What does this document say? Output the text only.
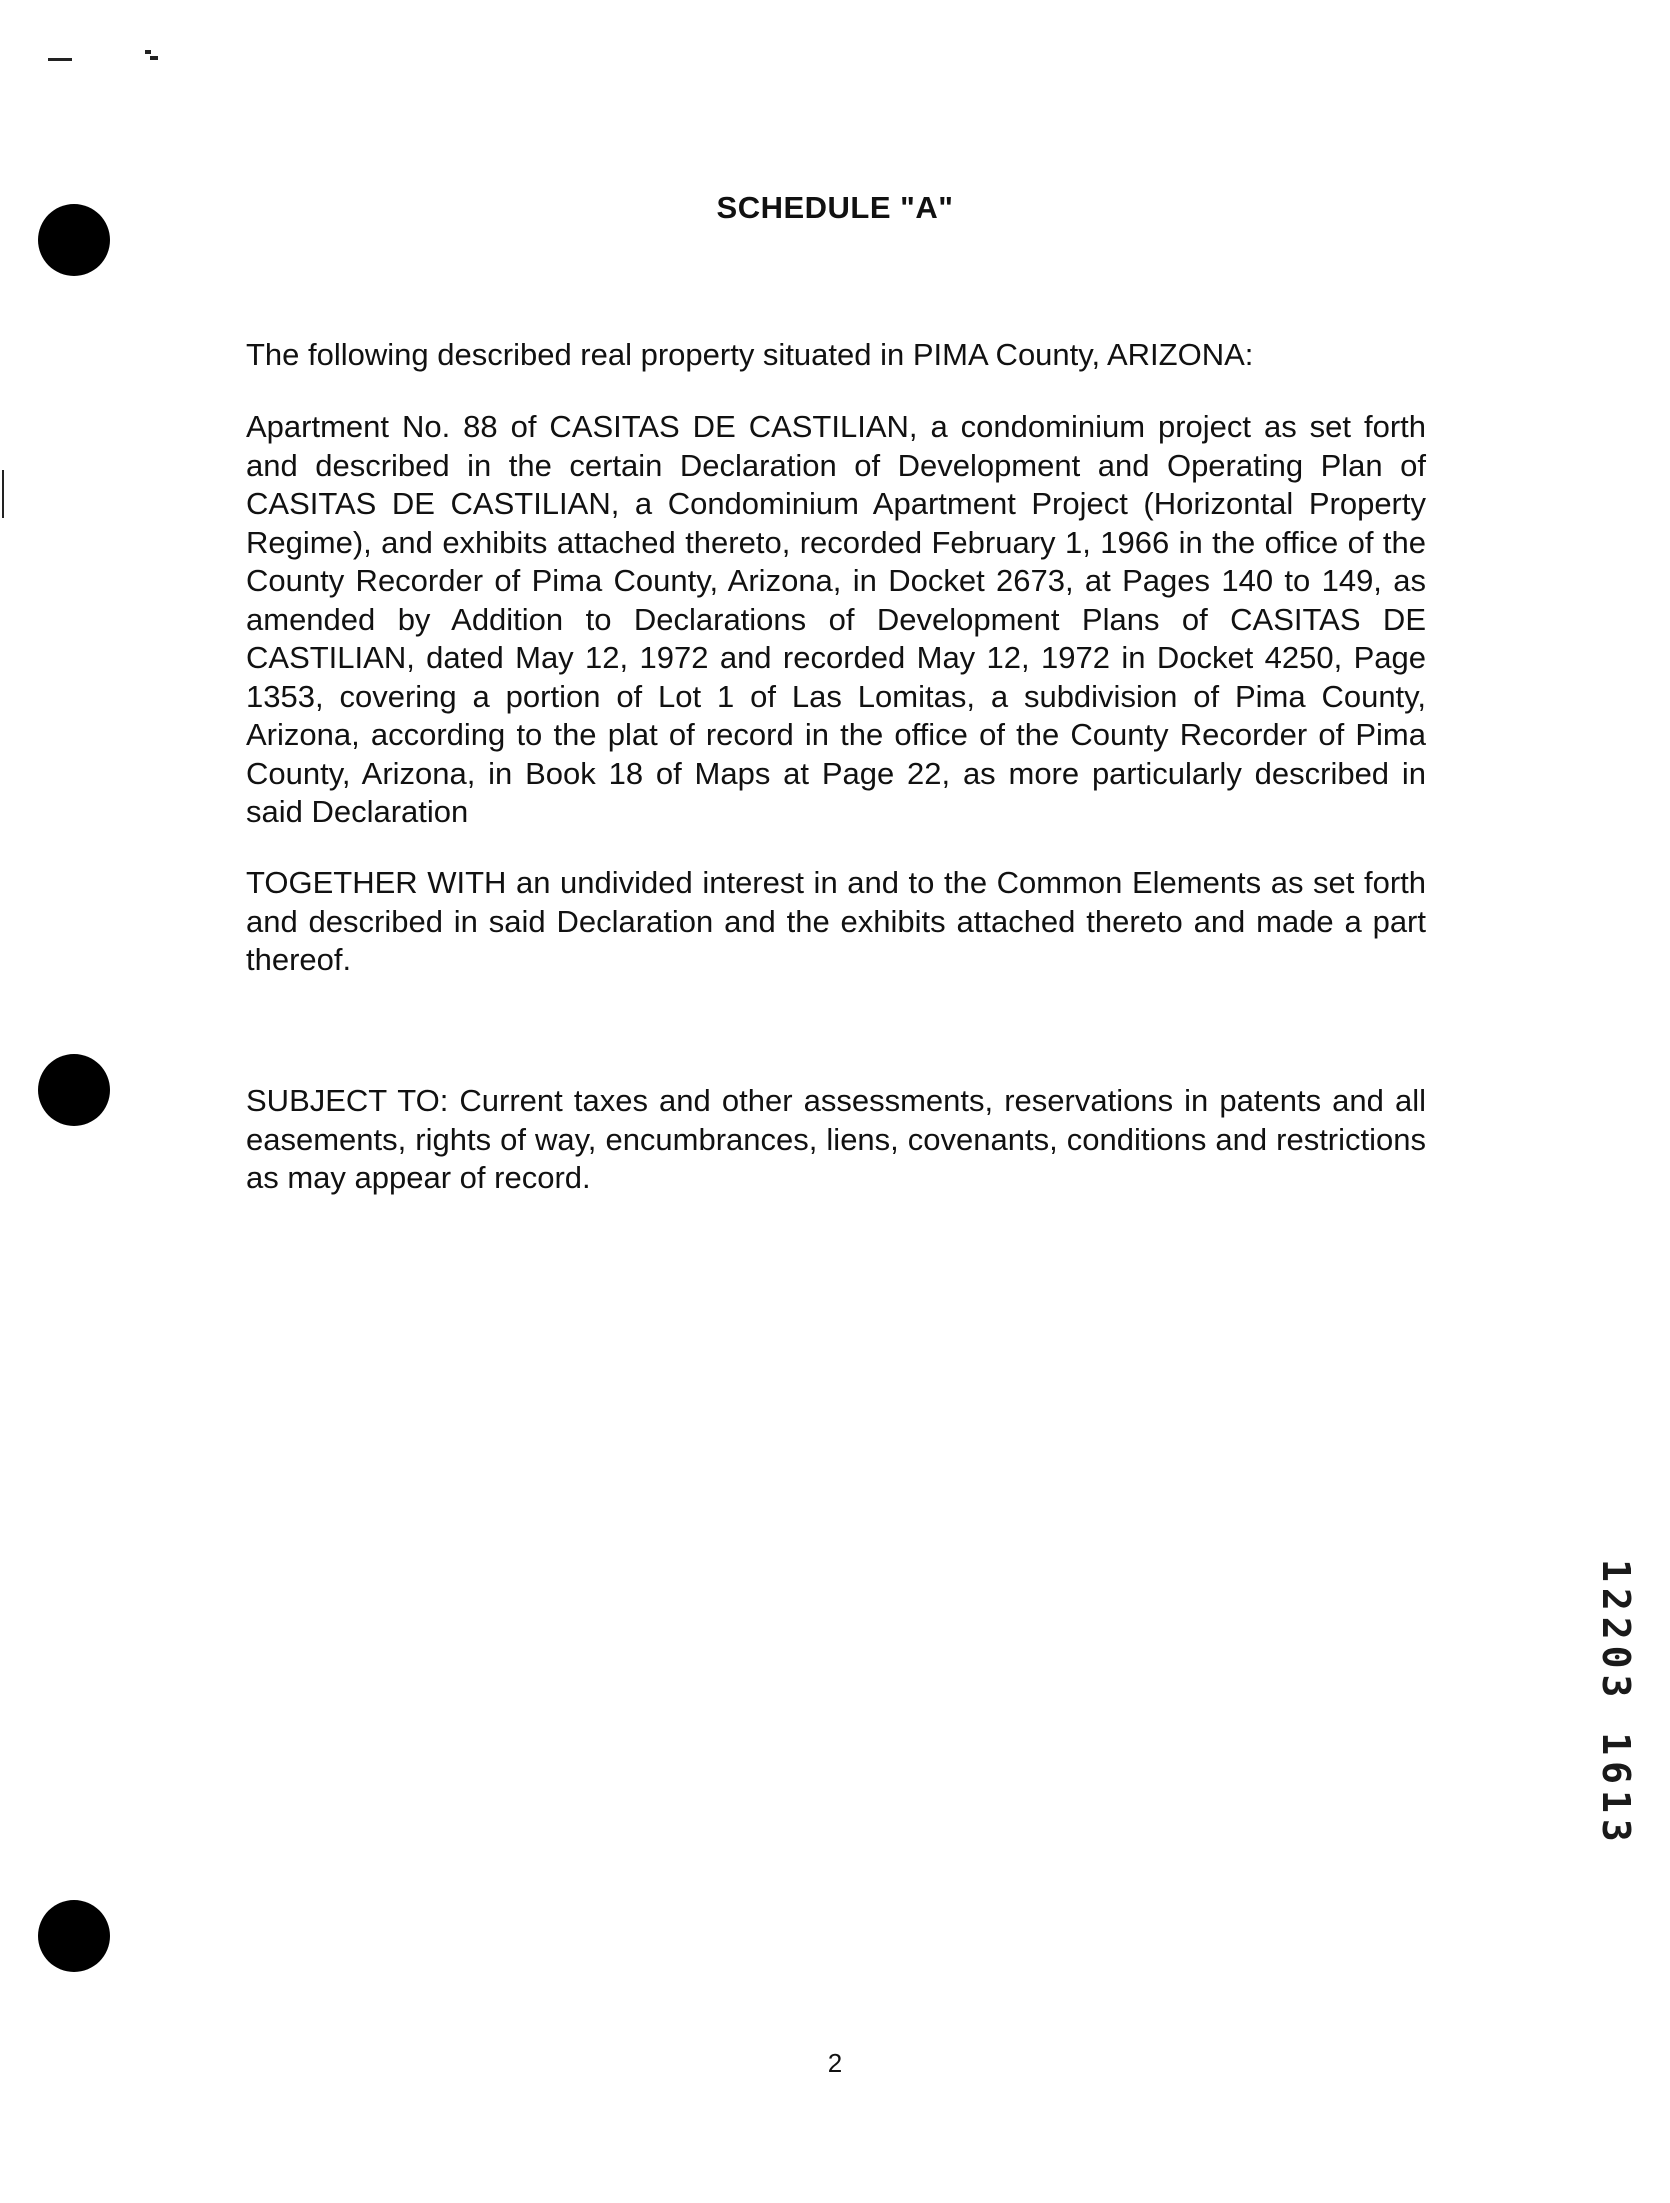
SCHEDULE "A"

The following described real property situated in PIMA County, ARIZONA:

Apartment No. 88 of CASITAS DE CASTILIAN, a condominium project as set forth and described in the certain Declaration of Development and Operating Plan of CASITAS DE CASTILIAN, a Condominium Apartment Project (Horizontal Property Regime), and exhibits attached thereto, recorded February 1, 1966 in the office of the County Recorder of Pima County, Arizona, in Docket 2673, at Pages 140 to 149, as amended by Addition to Declarations of Development Plans of CASITAS DE CASTILIAN, dated May 12, 1972 and recorded May 12, 1972 in Docket 4250, Page 1353, covering a portion of Lot 1 of Las Lomitas, a subdivision of Pima County, Arizona, according to the plat of record in the office of the County Recorder of Pima County, Arizona, in Book 18 of Maps at Page 22, as more particularly described in said Declaration

TOGETHER WITH an undivided interest in and to the Common Elements as set forth and described in said Declaration and the exhibits attached thereto and made a part thereof.

SUBJECT TO: Current taxes and other assessments, reservations in patents and all easements, rights of way, encumbrances, liens, covenants, conditions and restrictions as may appear of record.

12203 1613
2
